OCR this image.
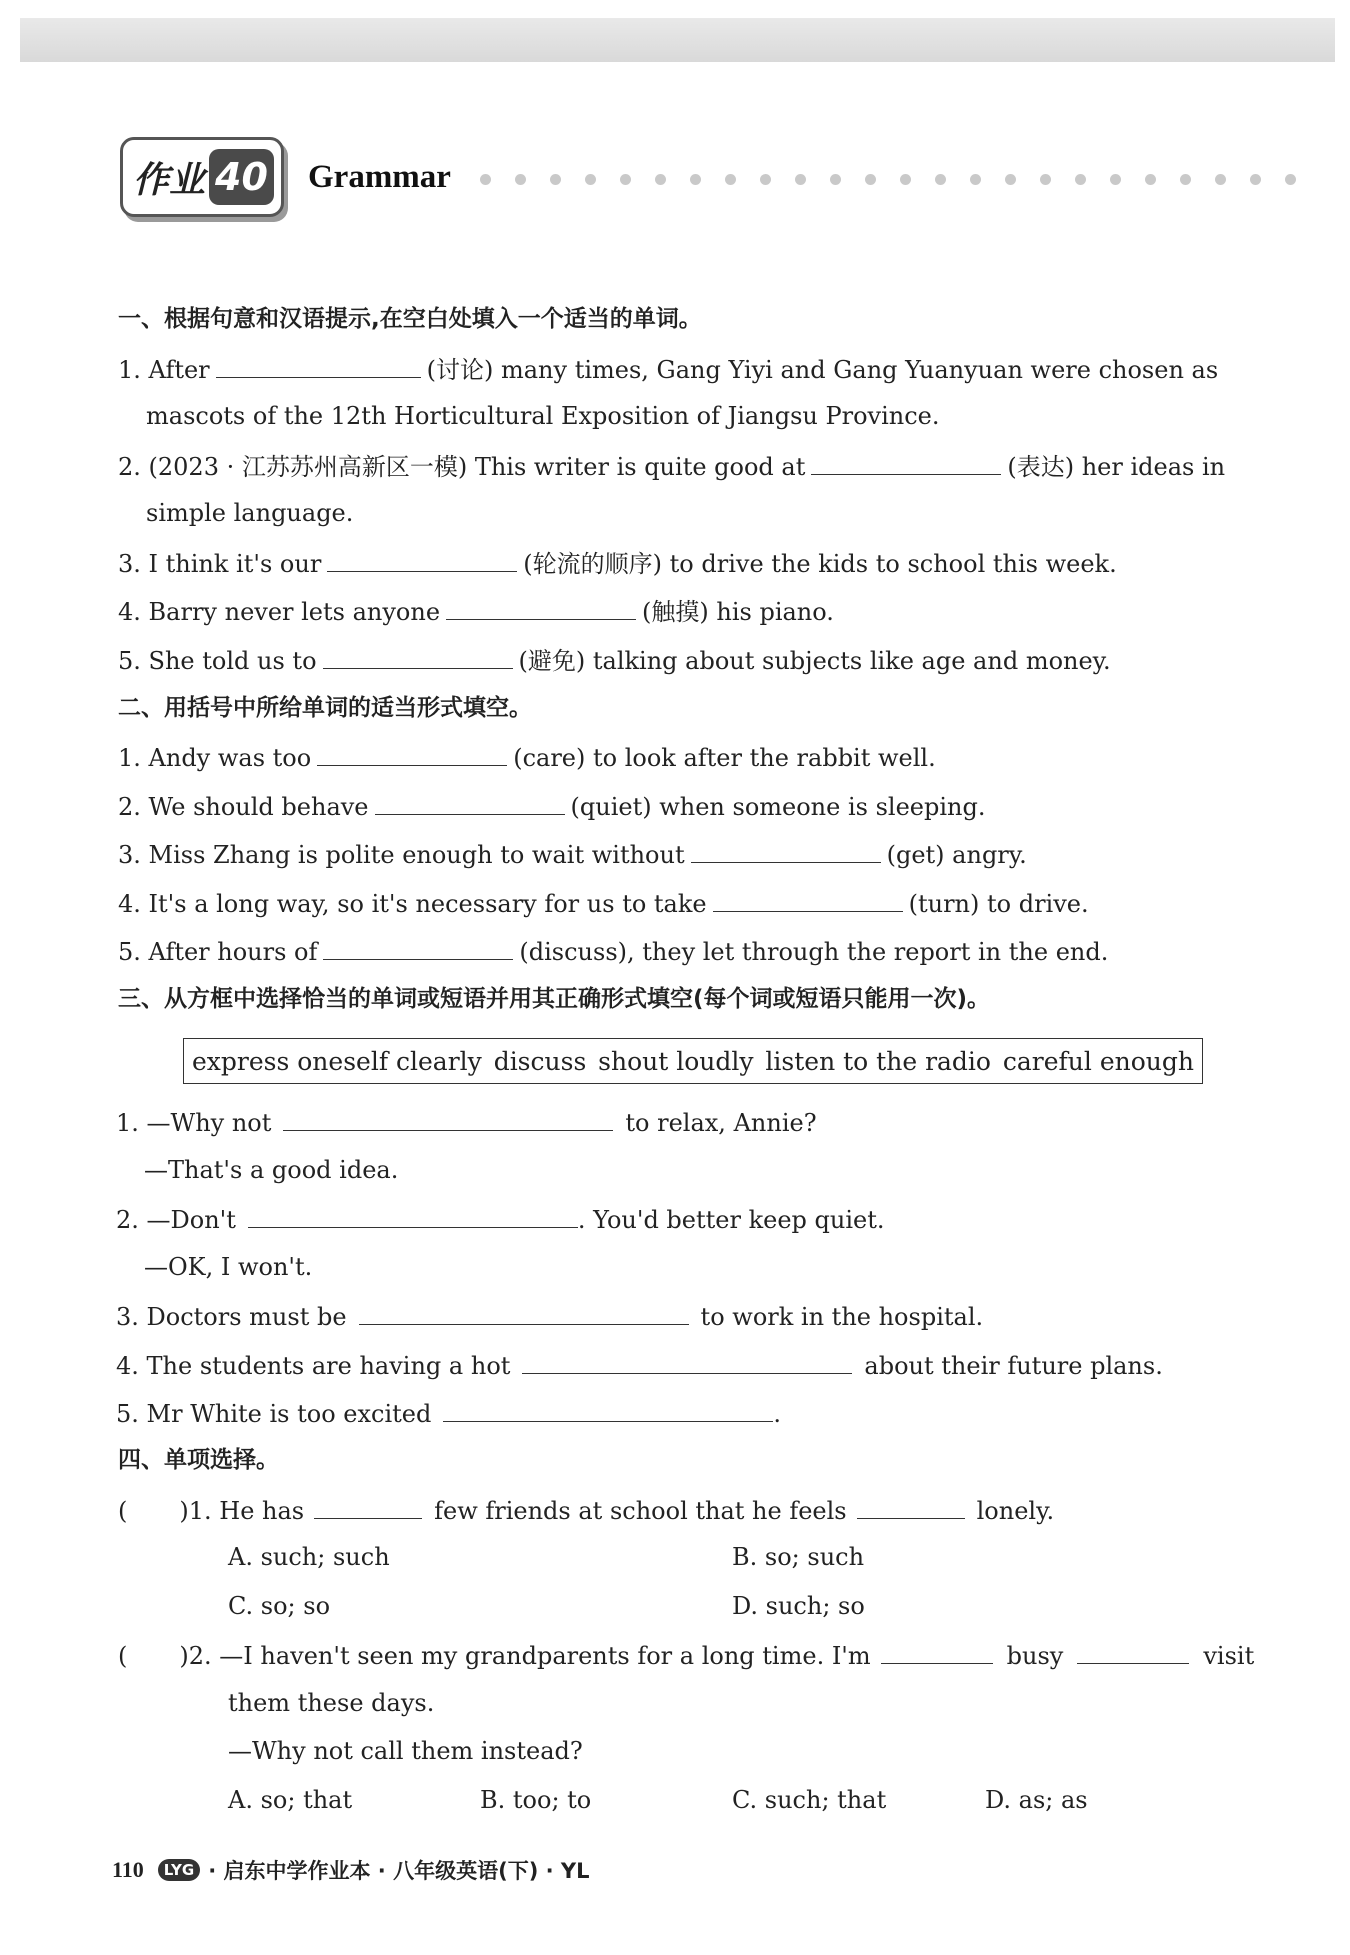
作业 40 Grammar
一、根据句意和汉语提示,在空白处填入一个适当的单词。
1. After	(讨论) many times, Gang Yiyi and Gang Yuanyuan were chosen as
mascots of the 12th Horticultural Exposition of Jiangsu Province.
2. (2023 · 江苏苏州高新区一模) This writer is quite good at	(表达) her ideas in
simple language.
3. I think it's our	(轮流的顺序) to drive the kids to school this week.
4. Barry never lets anyone	(触摸) his piano.
5. She told us to	(避免) talking about subjects like age and money.
二、用括号中所给单词的适当形式填空。
1. Andy was too	(care) to look after the rabbit well.
2. We should behave	(quiet) when someone is sleeping.
3. Miss Zhang is polite enough to wait without	(get) angry.
4. It's a long way, so it's necessary for us to take	(turn) to drive.
5. After hours of	(discuss), they let through the report in the end.
三、从方框中选择恰当的单词或短语并用其正确形式填空(每个词或短语只能用一次)。
express oneself clearly discuss shout loudly listen to the radio careful enough
1. —Why not	to relax, Annie?
—That's a good idea.
2. —Don't	. You'd better keep quiet.
—OK, I won't.
3. Doctors must be	to work in the hospital.
4. The students are having a hot	about their future plans.
5. Mr White is too excited	.
四、单项选择。
( )1. He has	few friends at school that he feels	lonely.
A. such; such	B. so; such
C. so; so	D. such; so
( )2. —I haven't seen my grandparents for a long time. I'm	busy	visit
them these days.
—Why not call them instead?
A. so; that	B. too; to	C. such; that	D. as; as
110	LYG · 启东中学作业本 · 八年级英语(下) · YL
